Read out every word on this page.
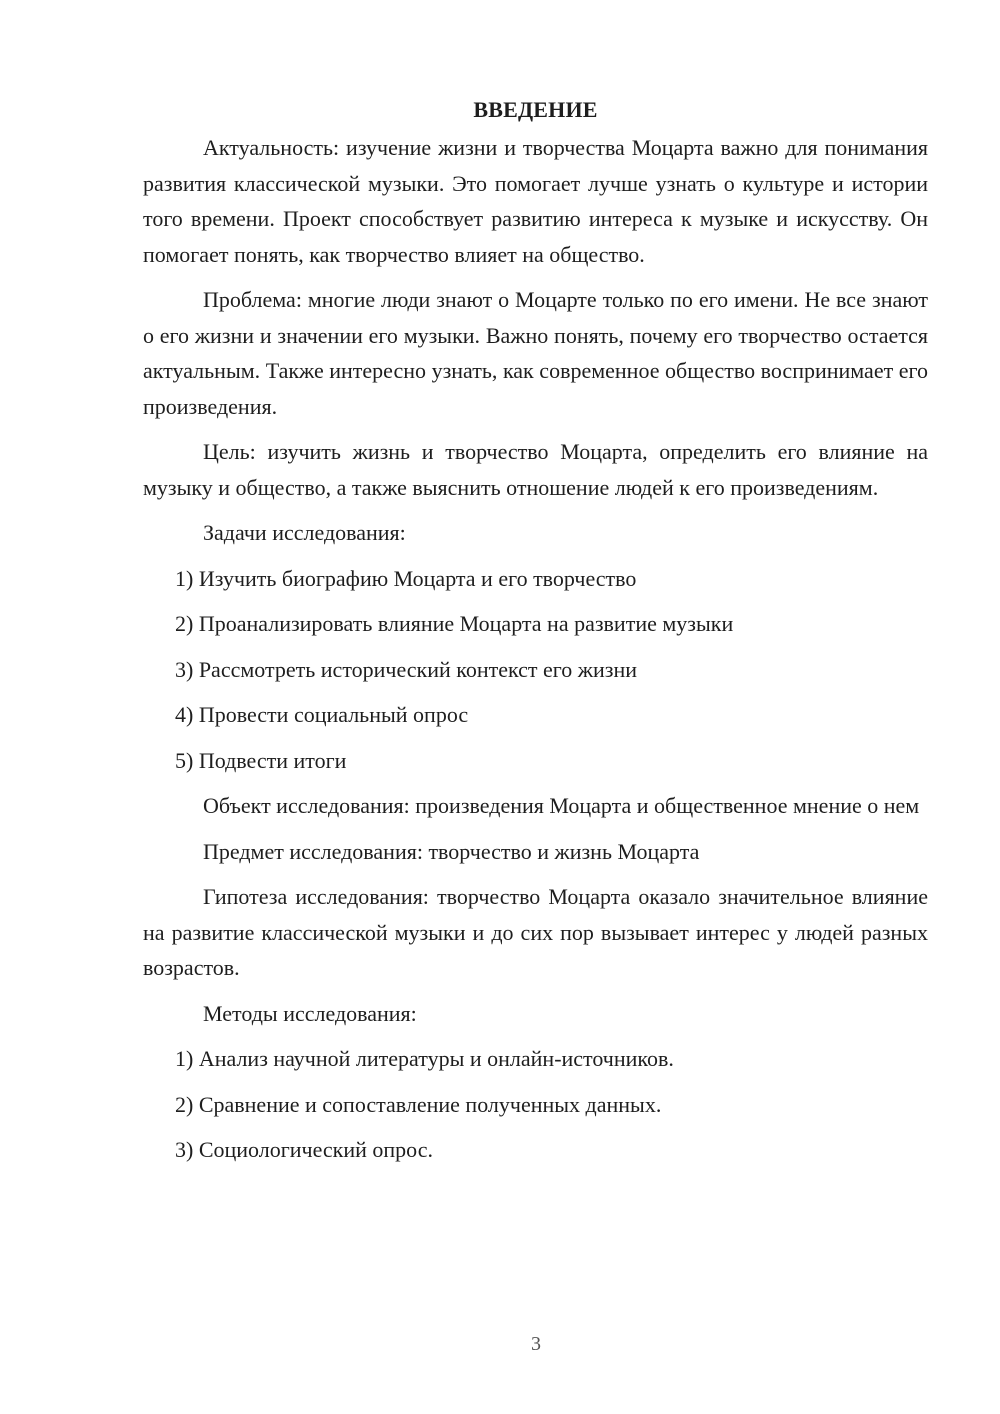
ВВЕДЕНИЕ

Актуальность: изучение жизни и творчества Моцарта важно для понимания развития классической музыки. Это помогает лучше узнать о культуре и истории того времени. Проект способствует развитию интереса к музыке и искусству. Он помогает понять, как творчество влияет на общество.

Проблема: многие люди знают о Моцарте только по его имени. Не все знают о его жизни и значении его музыки. Важно понять, почему его творчество остается актуальным. Также интересно узнать, как современное общество воспринимает его произведения.

Цель: изучить жизнь и творчество Моцарта, определить его влияние на музыку и общество, а также выяснить отношение людей к его произведениям.

Задачи исследования:

1) Изучить биографию Моцарта и его творчество

2) Проанализировать влияние Моцарта на развитие музыки

3) Рассмотреть исторический контекст его жизни

4) Провести социальный опрос

5) Подвести итоги

Объект исследования: произведения Моцарта и общественное мнение о нем

Предмет исследования: творчество и жизнь Моцарта

Гипотеза исследования: творчество Моцарта оказало значительное влияние на развитие классической музыки и до сих пор вызывает интерес у людей разных возрастов.

Методы исследования:

1) Анализ научной литературы и онлайн-источников.

2) Сравнение и сопоставление полученных данных.

3) Социологический опрос.

3
